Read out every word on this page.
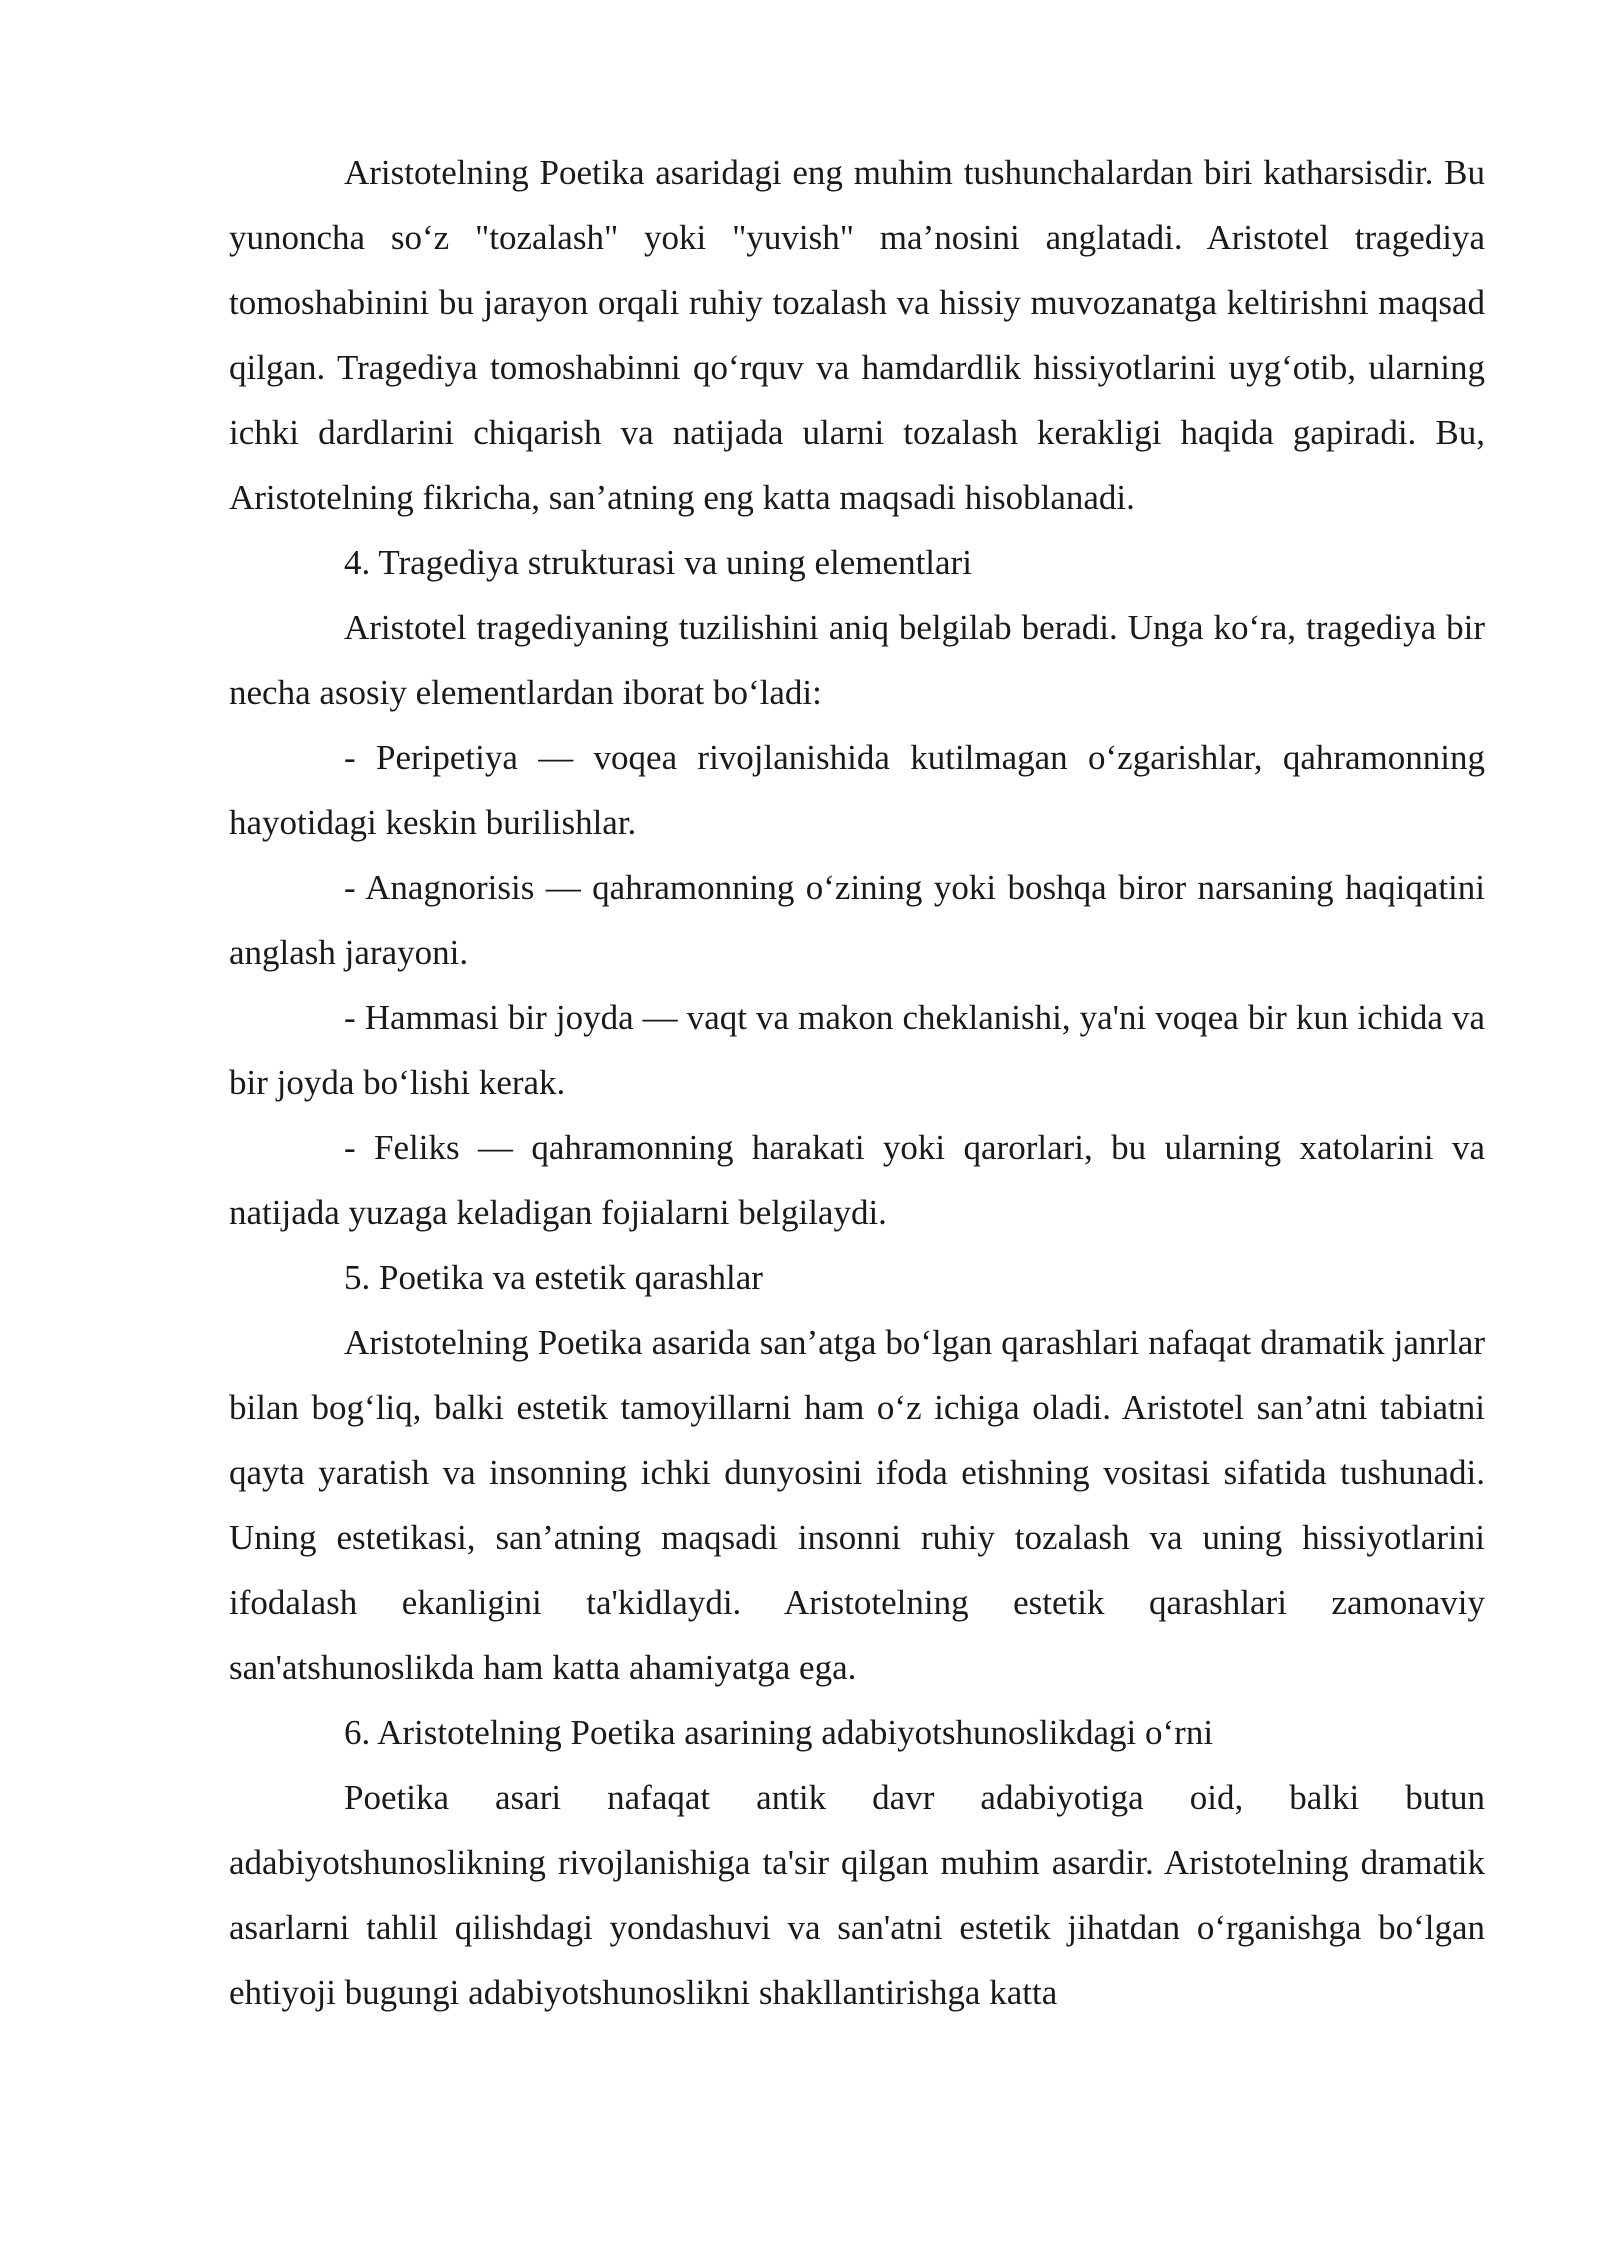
Aristotelning Poetika asaridagi eng muhim tushunchalardan biri katharsisdir. Bu yunoncha so‘z "tozalash" yoki "yuvish" ma’nosini anglatadi. Aristotel tragediya tomoshabinini bu jarayon orqali ruhiy tozalash va hissiy muvozanatga keltirishni maqsad qilgan. Tragediya tomoshabinni qo‘rquv va hamdardlik hissiyotlarini uyg‘otib, ularning ichki dardlarini chiqarish va natijada ularni tozalash kerakligi haqida gapiradi. Bu, Aristotelning fikricha, san’atning eng katta maqsadi hisoblanadi.

4. Tragediya strukturasi va uning elementlari

Aristotel tragediyaning tuzilishini aniq belgilab beradi. Unga ko‘ra, tragediya bir necha asosiy elementlardan iborat bo‘ladi:

- Peripetiya — voqea rivojlanishida kutilmagan o‘zgarishlar, qahramonning hayotidagi keskin burilishlar.

- Anagnorisis — qahramonning o‘zining yoki boshqa biror narsaning haqiqatini anglash jarayoni.

- Hammasi bir joyda — vaqt va makon cheklanishi, ya'ni voqea bir kun ichida va bir joyda bo‘lishi kerak.

- Feliks — qahramonning harakati yoki qarorlari, bu ularning xatolarini va natijada yuzaga keladigan fojialarni belgilaydi.

5. Poetika va estetik qarashlar

Aristotelning Poetika asarida san’atga bo‘lgan qarashlari nafaqat dramatik janrlar bilan bog‘liq, balki estetik tamoyillarni ham o‘z ichiga oladi. Aristotel san’atni tabiatni qayta yaratish va insonning ichki dunyosini ifoda etishning vositasi sifatida tushunadi. Uning estetikasi, san’atning maqsadi insonni ruhiy tozalash va uning hissiyotlarini ifodalash ekanligini ta'kidlaydi. Aristotelning estetik qarashlari zamonaviy san'atshunoslikda ham katta ahamiyatga ega.

6. Aristotelning Poetika asarining adabiyotshunoslikdagi o‘rni

Poetika asari nafaqat antik davr adabiyotiga oid, balki butun adabiyotshunoslikning rivojlanishiga ta'sir qilgan muhim asardir. Aristotelning dramatik asarlarni tahlil qilishdagi yondashuvi va san'atni estetik jihatdan o‘rganishga bo‘lgan ehtiyoji bugungi adabiyotshunoslikni shakllantirishga katta
